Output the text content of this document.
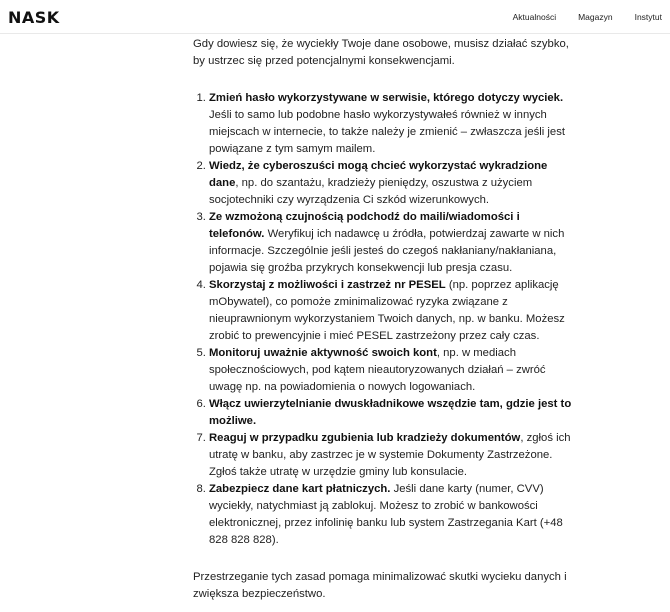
NASK	Aktualności	Magazyn	Instytut

Gdy dowiesz się, że wyciekły Twoje dane osobowe, musisz działać szybko, by ustrzec się przed potencjalnymi konsekwencjami.

1. Zmień hasło wykorzystywane w serwisie, którego dotyczy wyciek. Jeśli to samo lub podobne hasło wykorzystywałeś również w innych miejscach w internecie, to także należy je zmienić – zwłaszcza jeśli jest powiązane z tym samym mailem.
2. Wiedz, że cyberoszuści mogą chcieć wykorzystać wykradzione dane, np. do szantażu, kradzieży pieniędzy, oszustwa z użyciem socjotechniki czy wyrządzenia Ci szkód wizerunkowych.
3. Ze wzmożoną czujnością podchodź do maili/wiadomości i telefonów. Weryfikuj ich nadawcę u źródła, potwierdzaj zawarte w nich informacje. Szczególnie jeśli jesteś do czegoś nakłaniany/nakłaniana, pojawia się groźba przykrych konsekwencji lub presja czasu.
4. Skorzystaj z możliwości i zastrzeż nr PESEL (np. poprzez aplikację mObywatel), co pomoże zminimalizować ryzyka związane z nieuprawnionym wykorzystaniem Twoich danych, np. w banku. Możesz zrobić to prewencyjnie i mieć PESEL zastrzeżony przez cały czas.
5. Monitoruj uważnie aktywność swoich kont, np. w mediach społecznościowych, pod kątem nieautoryzowanych działań – zwróć uwagę np. na powiadomienia o nowych logowaniach.
6. Włącz uwierzytelnianie dwuskładnikowe wszędzie tam, gdzie jest to możliwe.
7. Reaguj w przypadku zgubienia lub kradzieży dokumentów, zgłoś ich utratę w banku, aby zastrzec je w systemie Dokumenty Zastrzeżone. Zgłoś także utratę w urzędzie gminy lub konsulacie.
8. Zabezpiecz dane kart płatniczych. Jeśli dane karty (numer, CVV) wyciekły, natychmiast ją zablokuj. Możesz to zrobić w bankowości elektronicznej, przez infolinię banku lub system Zastrzegania Kart (+48 828 828 828).

Przestrzeganie tych zasad pomaga minimalizować skutki wycieku danych i zwiększa bezpieczeństwo.
